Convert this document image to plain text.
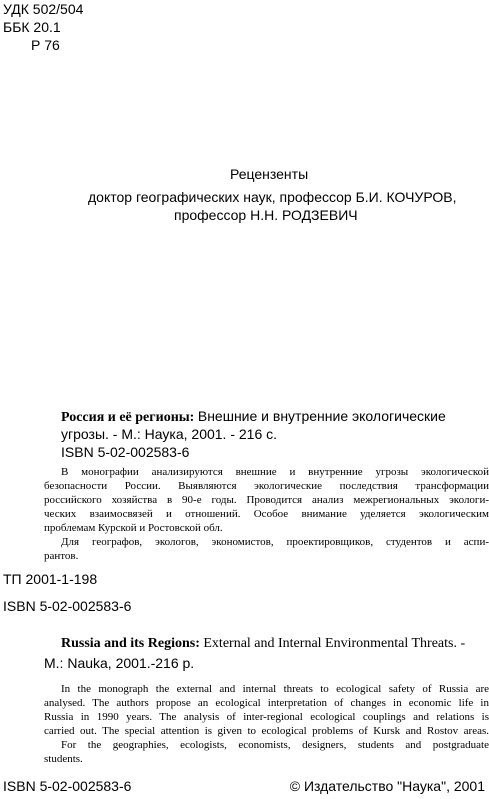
УДК 502/504
ББК 20.1
Р 76
Рецензенты
доктор географических наук, профессор Б.И. КОЧУРОВ,
профессор Н.Н. РОДЗЕВИЧ
Россия и её регионы: Внешние и внутренние экологические
угрозы. - М.: Наука, 2001. - 216 с.
ISBN 5-02-002583-6
В монографии анализируются внешние и внутренние угрозы экологической
безопасности России. Выявляются экологические последствия трансформации
российского хозяйства в 90-е годы. Проводится анализ межрегиональных экологи-
ческих взаимосвязей и отношений. Особое внимание уделяется экологическим
проблемам Курской и Ростовской обл.
Для географов, экологов, экономистов, проектировщиков, студентов и аспи-
рантов.
ТП 2001-1-198
ISBN 5-02-002583-6
Russia and its Regions: External and Internal Environmental Threats. -
M.: Nauka, 2001.-216 p.
In the monograph the external and internal threats to ecological safety of Russia are
analysed. The authors propose an ecological interpretation of changes in economic life in
Russia in 1990 years. The analysis of inter-regional ecological couplings and relations is
carried out. The special attention is given to ecological problems of Kursk and Rostov areas.
For the geographies, ecologists, economists, designers, students and postgraduate
students.
ISBN 5-02-002583-6	© Издательство "Наука", 2001
